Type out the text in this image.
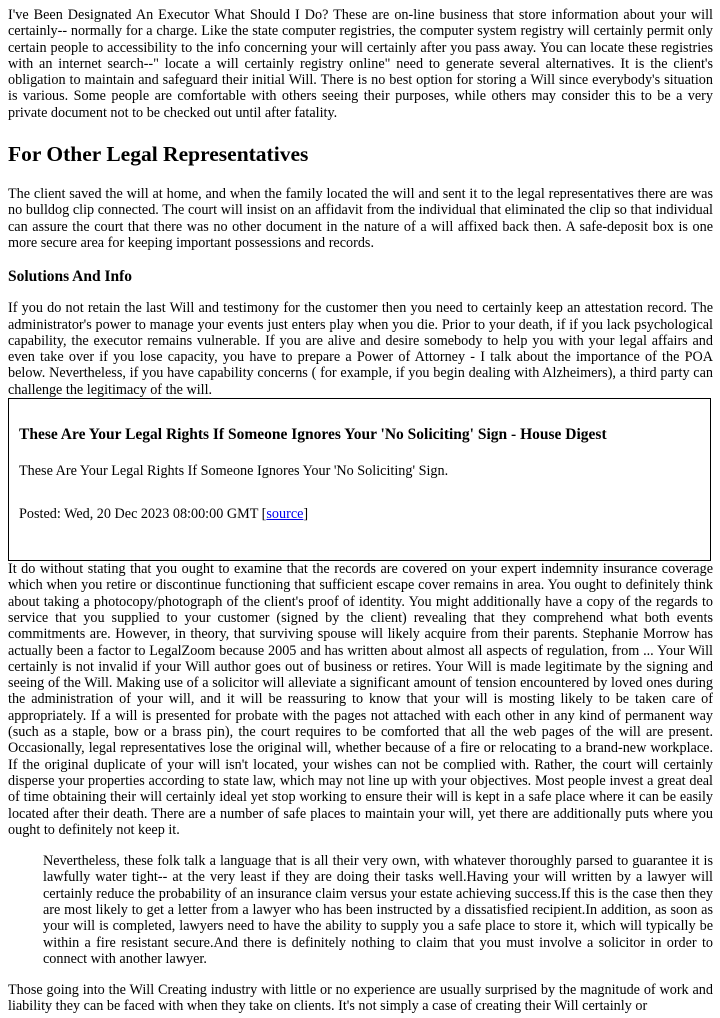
I've Been Designated An Executor What Should I Do? These are on-line business that store information about your will certainly-- normally for a charge. Like the state computer registries, the computer system registry will certainly permit only certain people to accessibility to the info concerning your will certainly after you pass away. You can locate these registries with an internet search--" locate a will certainly registry online" need to generate several alternatives. It is the client's obligation to maintain and safeguard their initial Will. There is no best option for storing a Will since everybody's situation is various. Some people are comfortable with others seeing their purposes, while others may consider this to be a very private document not to be checked out until after fatality.

For Other Legal Representatives

The client saved the will at home, and when the family located the will and sent it to the legal representatives there are was no bulldog clip connected. The court will insist on an affidavit from the individual that eliminated the clip so that individual can assure the court that there was no other document in the nature of a will affixed back then. A safe-deposit box is one more secure area for keeping important possessions and records.

Solutions And Info

If you do not retain the last Will and testimony for the customer then you need to certainly keep an attestation record. The administrator's power to manage your events just enters play when you die. Prior to your death, if if you lack psychological capability, the executor remains vulnerable. If you are alive and desire somebody to help you with your legal affairs and even take over if you lose capacity, you have to prepare a Power of Attorney - I talk about the importance of the POA below. Nevertheless, if you have capability concerns ( for example, if you begin dealing with Alzheimers), a third party can challenge the legitimacy of the will.

These Are Your Legal Rights If Someone Ignores Your 'No Soliciting' Sign - House Digest

These Are Your Legal Rights If Someone Ignores Your 'No Soliciting' Sign.

Posted: Wed, 20 Dec 2023 08:00:00 GMT [source]

It do without stating that you ought to examine that the records are covered on your expert indemnity insurance coverage which when you retire or discontinue functioning that sufficient escape cover remains in area. You ought to definitely think about taking a photocopy/photograph of the client's proof of identity. You might additionally have a copy of the regards to service that you supplied to your customer (signed by the client) revealing that they comprehend what both events commitments are. However, in theory, that surviving spouse will likely acquire from their parents. Stephanie Morrow has actually been a factor to LegalZoom because 2005 and has written about almost all aspects of regulation, from ... Your Will certainly is not invalid if your Will author goes out of business or retires. Your Will is made legitimate by the signing and seeing of the Will. Making use of a solicitor will alleviate a significant amount of tension encountered by loved ones during the administration of your will, and it will be reassuring to know that your will is mosting likely to be taken care of appropriately. If a will is presented for probate with the pages not attached with each other in any kind of permanent way (such as a staple, bow or a brass pin), the court requires to be comforted that all the web pages of the will are present. Occasionally, legal representatives lose the original will, whether because of a fire or relocating to a brand-new workplace. If the original duplicate of your will isn't located, your wishes can not be complied with. Rather, the court will certainly disperse your properties according to state law, which may not line up with your objectives. Most people invest a great deal of time obtaining their will certainly ideal yet stop working to ensure their will is kept in a safe place where it can be easily located after their death. There are a number of safe places to maintain your will, yet there are additionally puts where you ought to definitely not keep it.

Nevertheless, these folk talk a language that is all their very own, with whatever thoroughly parsed to guarantee it is lawfully water tight-- at the very least if they are doing their tasks well.Having your will written by a lawyer will certainly reduce the probability of an insurance claim versus your estate achieving success.If this is the case then they are most likely to get a letter from a lawyer who has been instructed by a dissatisfied recipient.In addition, as soon as your will is completed, lawyers need to have the ability to supply you a safe place to store it, which will typically be within a fire resistant secure.And there is definitely nothing to claim that you must involve a solicitor in order to connect with another lawyer.

Those going into the Will Creating industry with little or no experience are usually surprised by the magnitude of work and liability they can be faced with when they take on clients. It's not simply a case of creating their Will certainly or
